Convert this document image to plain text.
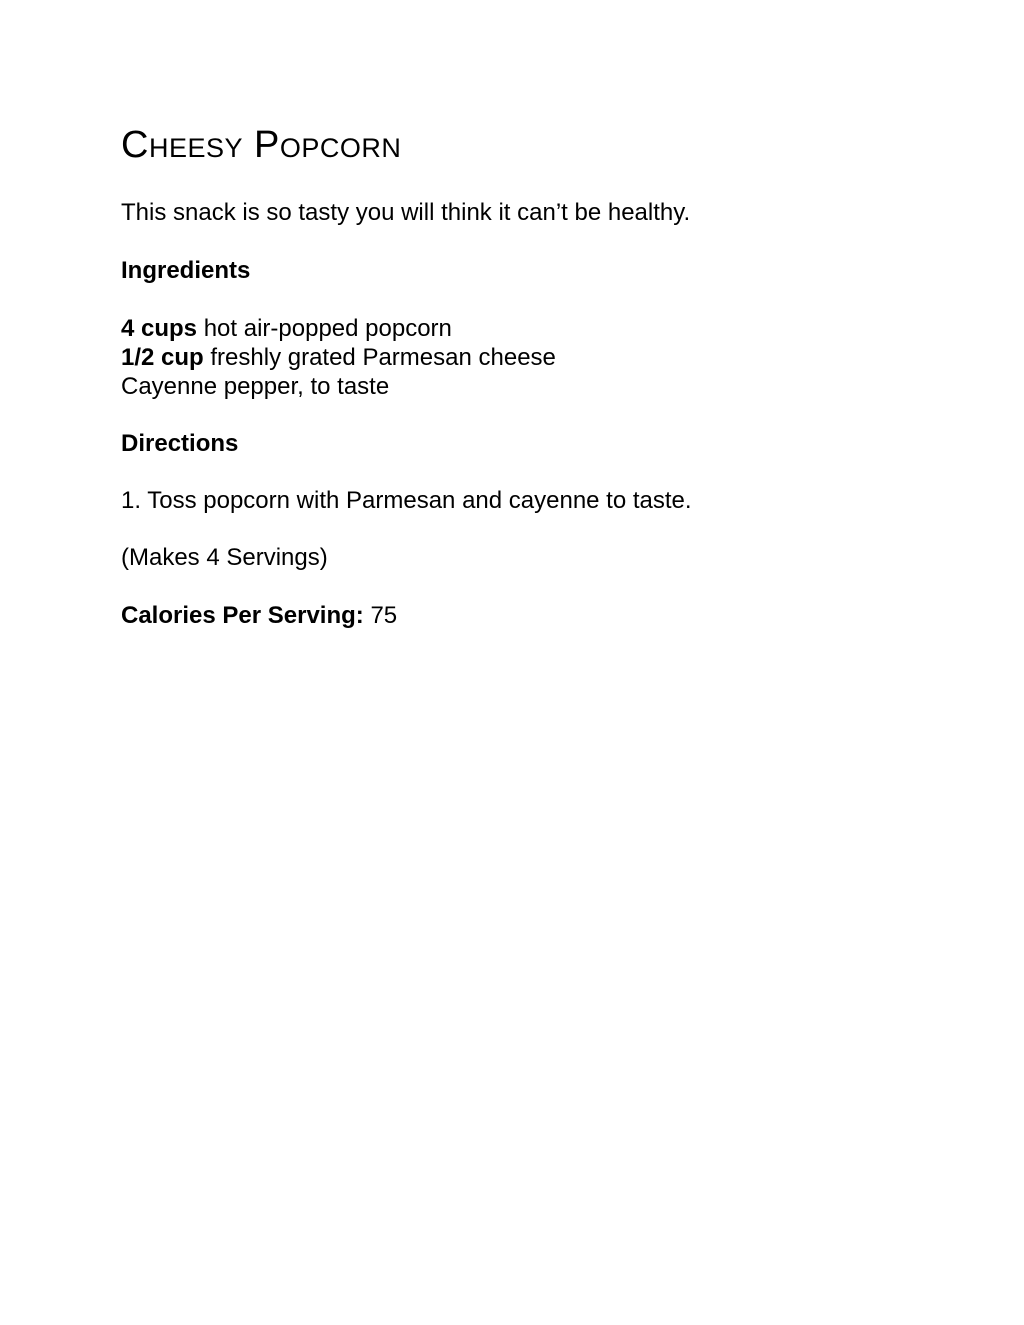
Cheesy Popcorn
This snack is so tasty you will think it can’t be healthy.
Ingredients
4 cups hot air-popped popcorn
1/2 cup freshly grated Parmesan cheese
Cayenne pepper, to taste
Directions
1. Toss popcorn with Parmesan and cayenne to taste.
(Makes 4 Servings)
Calories Per Serving: 75
